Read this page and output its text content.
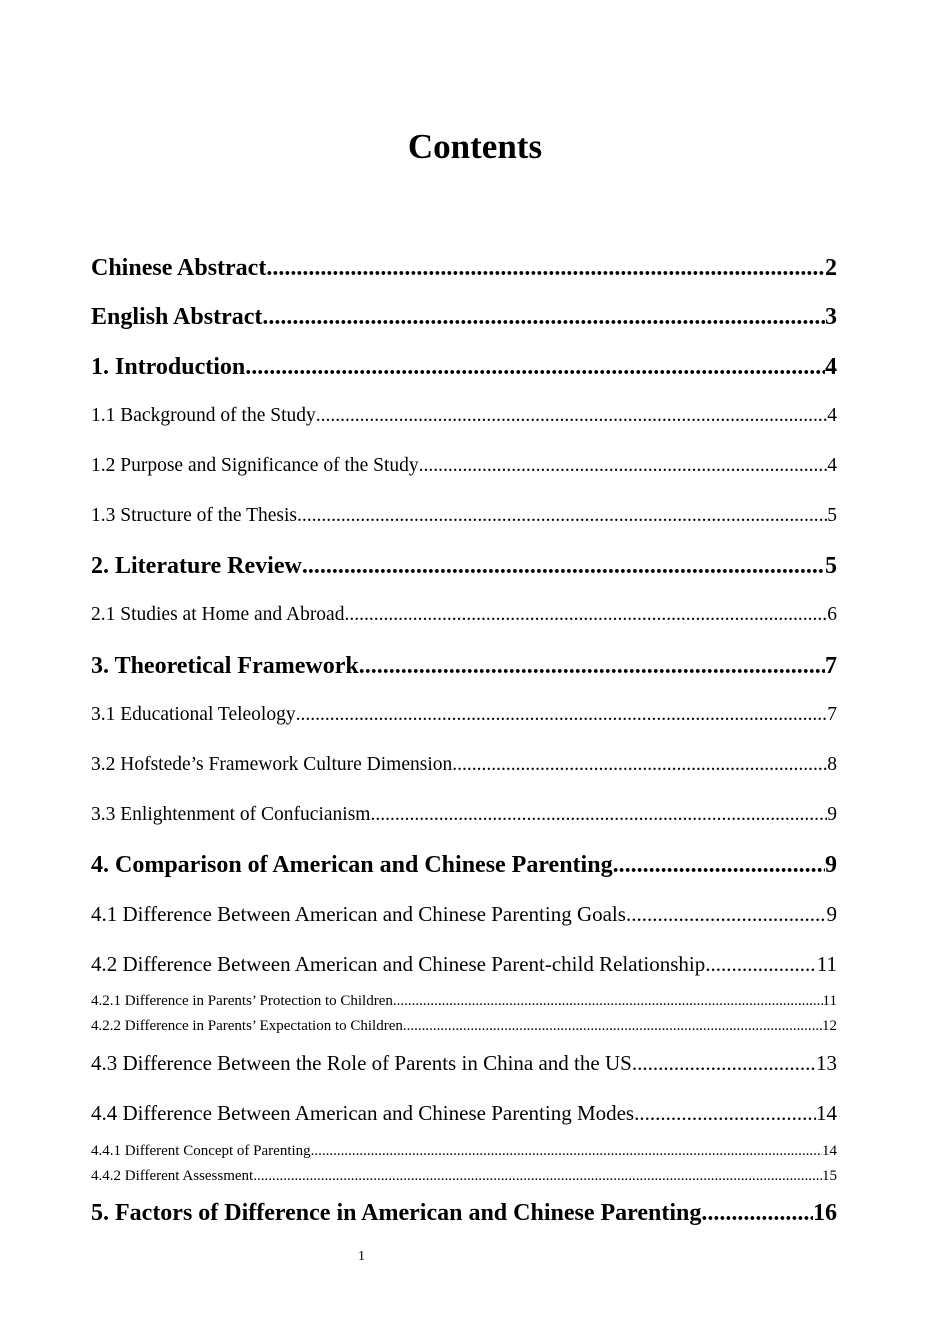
Contents
Chinese Abstract .....	2
English Abstract .....	3
1. Introduction .....	4
1.1 Background of the Study .....	4
1.2 Purpose and Significance of the Study .....	4
1.3 Structure of the Thesis .....	5
2. Literature Review .....	5
2.1 Studies at Home and Abroad .....	6
3. Theoretical Framework .....	7
3.1 Educational Teleology .....	7
3.2 Hofstede’s Framework Culture Dimension .....	8
3.3 Enlightenment of Confucianism .....	9
4. Comparison of American and Chinese Parenting .....	9
4.1 Difference Between American and Chinese Parenting Goals .....	9
4.2 Difference Between American and Chinese Parent-child Relationship .....	11
4.2.1 Difference in Parents’ Protection to Children .....	11
4.2.2 Difference in Parents’ Expectation to Children .....	12
4.3 Difference Between the Role of Parents in China and the US .....	13
4.4 Difference Between American and Chinese Parenting Modes .....	14
4.4.1 Different Concept of Parenting .....	14
4.4.2 Different Assessment .....	15
5. Factors of Difference in American and Chinese Parenting .....	16
1
